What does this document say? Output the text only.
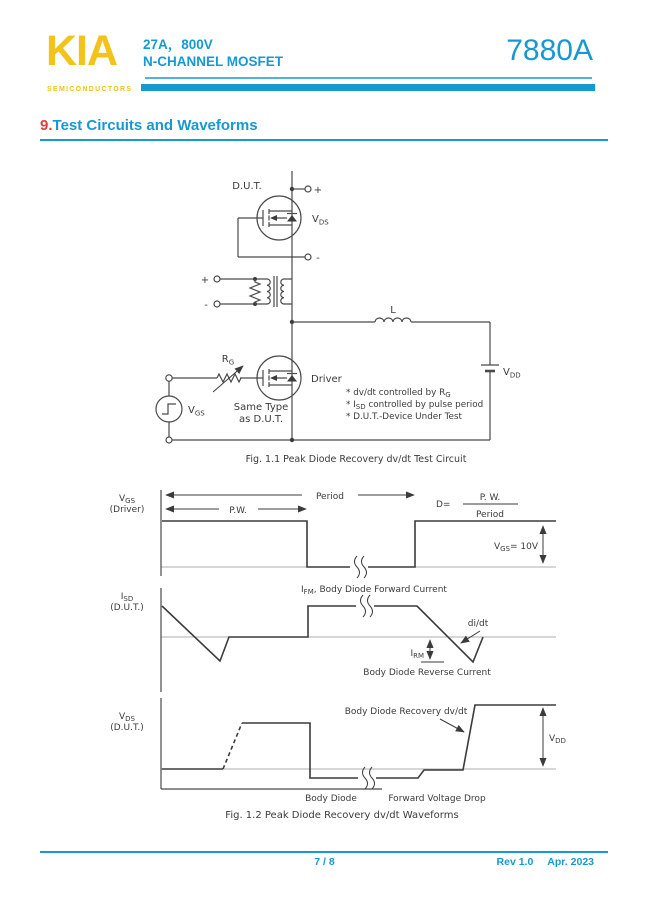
KIA
SEMICONDUCTORS
27A，800V
N-CHANNEL MOSFET	7880A
9.Test Circuits and Waveforms
D.U.T.	+
-
$V_{DS}$
+
-
$R_G$
Driver
Same Type
as D.U.T.
$V_{GS}$
L
$V_{DD}$
* dv/dt controlled by $R_G$
* $I_{SD}$ controlled by pulse period
* D.U.T.-Device Under Test
Fig. 1.1 Peak Diode Recovery dv/dt Test Circuit
$V_{GS}$
(Driver)
Period
P.W.
D=
P. W.
Period
$V_{GS}= 10V$
$I_{FM}$, Body Diode Forward Current
di/dt
$I_{RM}$
Body Diode Reverse Current
$I_{SD}$
(D.U.T.)
Body Diode Recovery dv/dt
$V_{DD}$
$V_{DS}$
(D.U.T.)
Body Diode	Forward Voltage Drop
Fig. 1.2 Peak Diode Recovery dv/dt Waveforms
7 / 8	Rev 1.0 Apr. 2023
